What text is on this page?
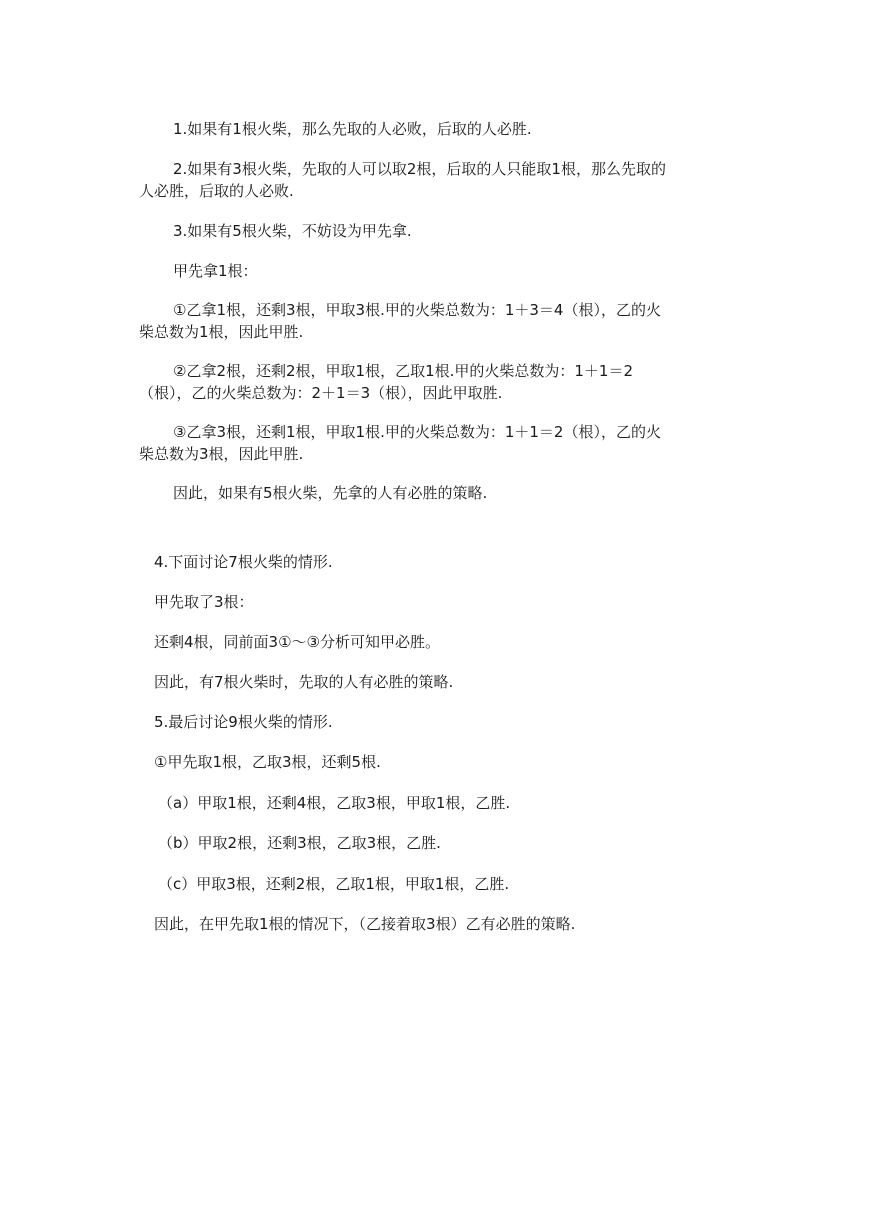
1.如果有1根火柴，那么先取的人必败，后取的人必胜.

2.如果有3根火柴，先取的人可以取2根，后取的人只能取1根，那么先取的
人必胜，后取的人必败.

3.如果有5根火柴，不妨设为甲先拿.

甲先拿1根：

①乙拿1根，还剩3根，甲取3根.甲的火柴总数为：1＋3＝4（根），乙的火
柴总数为1根，因此甲胜.

②乙拿2根，还剩2根，甲取1根，乙取1根.甲的火柴总数为：1＋1＝2
（根），乙的火柴总数为：2＋1＝3（根），因此甲取胜.

③乙拿3根，还剩1根，甲取1根.甲的火柴总数为：1＋1＝2（根），乙的火
柴总数为3根，因此甲胜.

因此，如果有5根火柴，先拿的人有必胜的策略.

4.下面讨论7根火柴的情形.

甲先取了3根：

还剩4根，同前面3①～③分析可知甲必胜。

因此，有7根火柴时，先取的人有必胜的策略.

5.最后讨论9根火柴的情形.

①甲先取1根，乙取3根，还剩5根.

（a）甲取1根，还剩4根，乙取3根，甲取1根，乙胜.

（b）甲取2根，还剩3根，乙取3根，乙胜.

（c）甲取3根，还剩2根，乙取1根，甲取1根，乙胜.

因此，在甲先取1根的情况下，（乙接着取3根）乙有必胜的策略.
